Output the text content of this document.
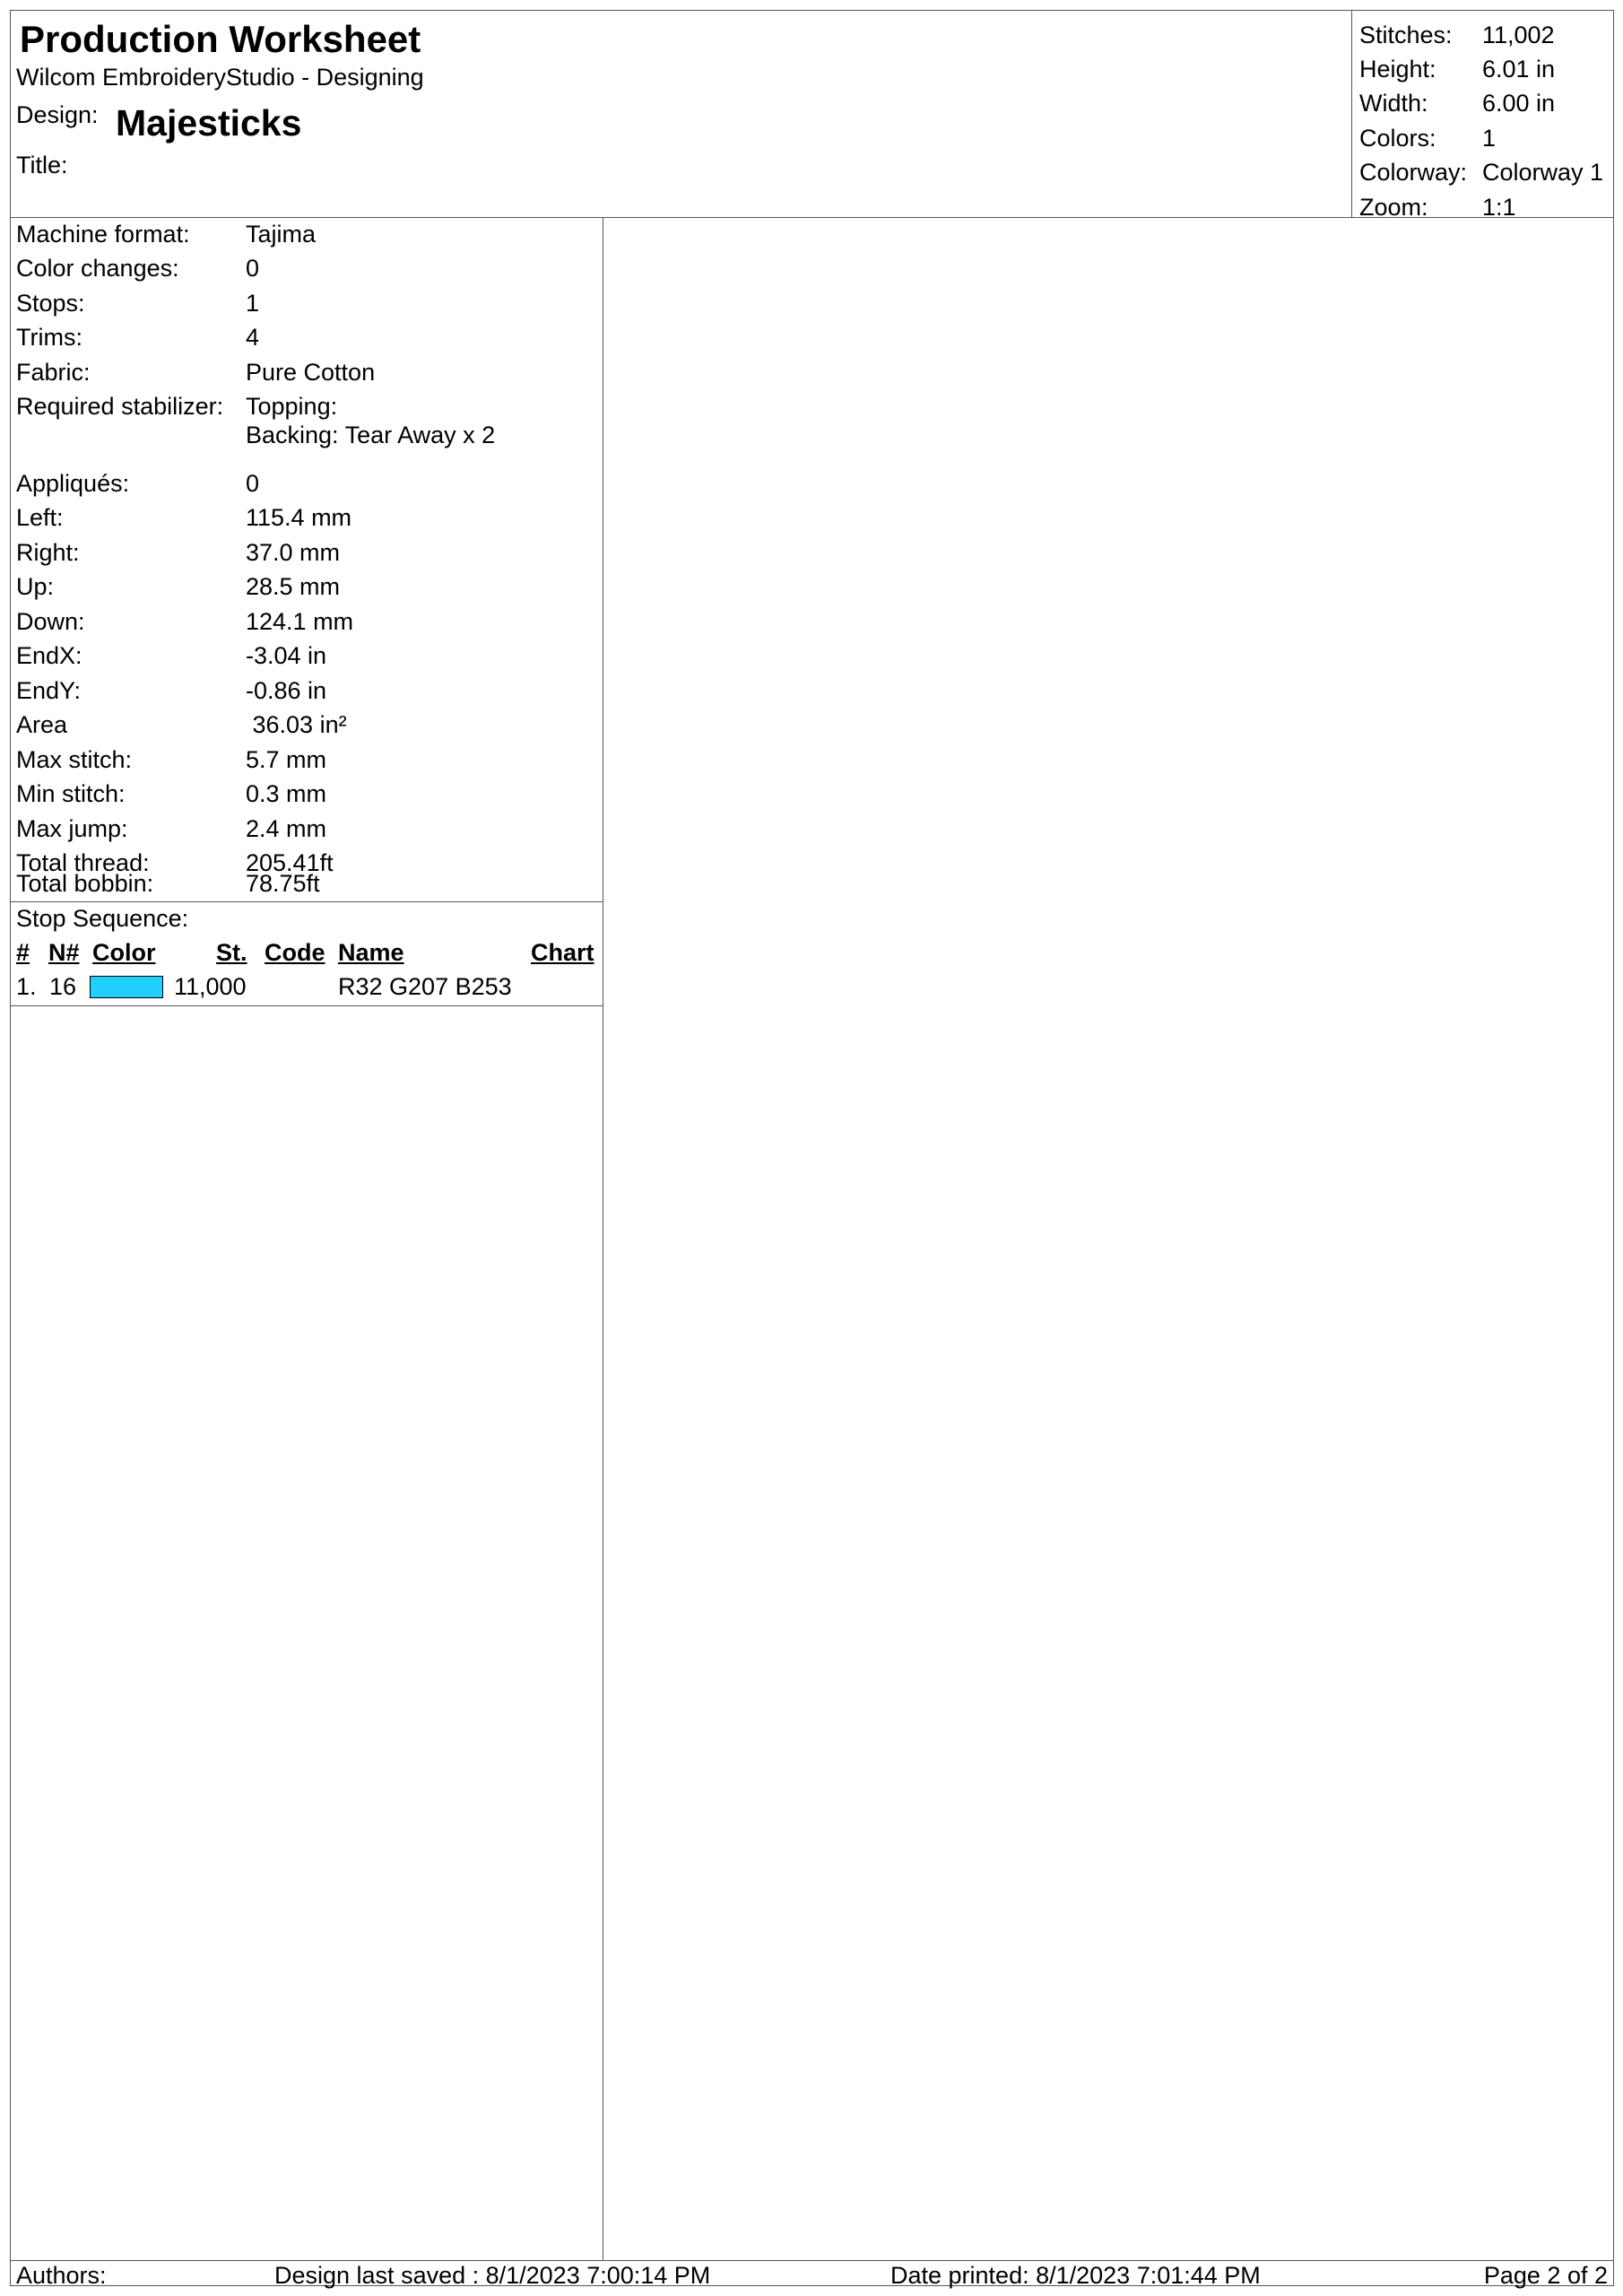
Production Worksheet
Wilcom EmbroideryStudio - Designing
Design: Majesticks
Title:
Stitches: 11,002
Height: 6.01 in
Width: 6.00 in
Colors: 1
Colorway: Colorway 1
Zoom: 1:1
Machine format: Tajima
Color changes:	0
Stops:	1
Trims:	4
Fabric:	Pure Cotton
Required stabilizer: Topping:
Backing: Tear Away x 2
Appliqués:	0
Left:	115.4 mm
Right:	37.0 mm
Up:	28.5 mm
Down:	124.1 mm
EndX:	-3.04 in
EndY:	-0.86 in
Area	36.03 in²
Max stitch:	5.7 mm
Min stitch:	0.3 mm
Max jump:	2.4 mm
Total thread:	205.41ft
Total bobbin:	78.75ft
Stop Sequence:
# N# Color	St. Code Name	Chart
1. 16	11,000	R32 G207 B253
Authors:	Design last saved : 8/1/2023 7:00:14 PM	Date printed: 8/1/2023 7:01:44 PM	Page 2 of 2
